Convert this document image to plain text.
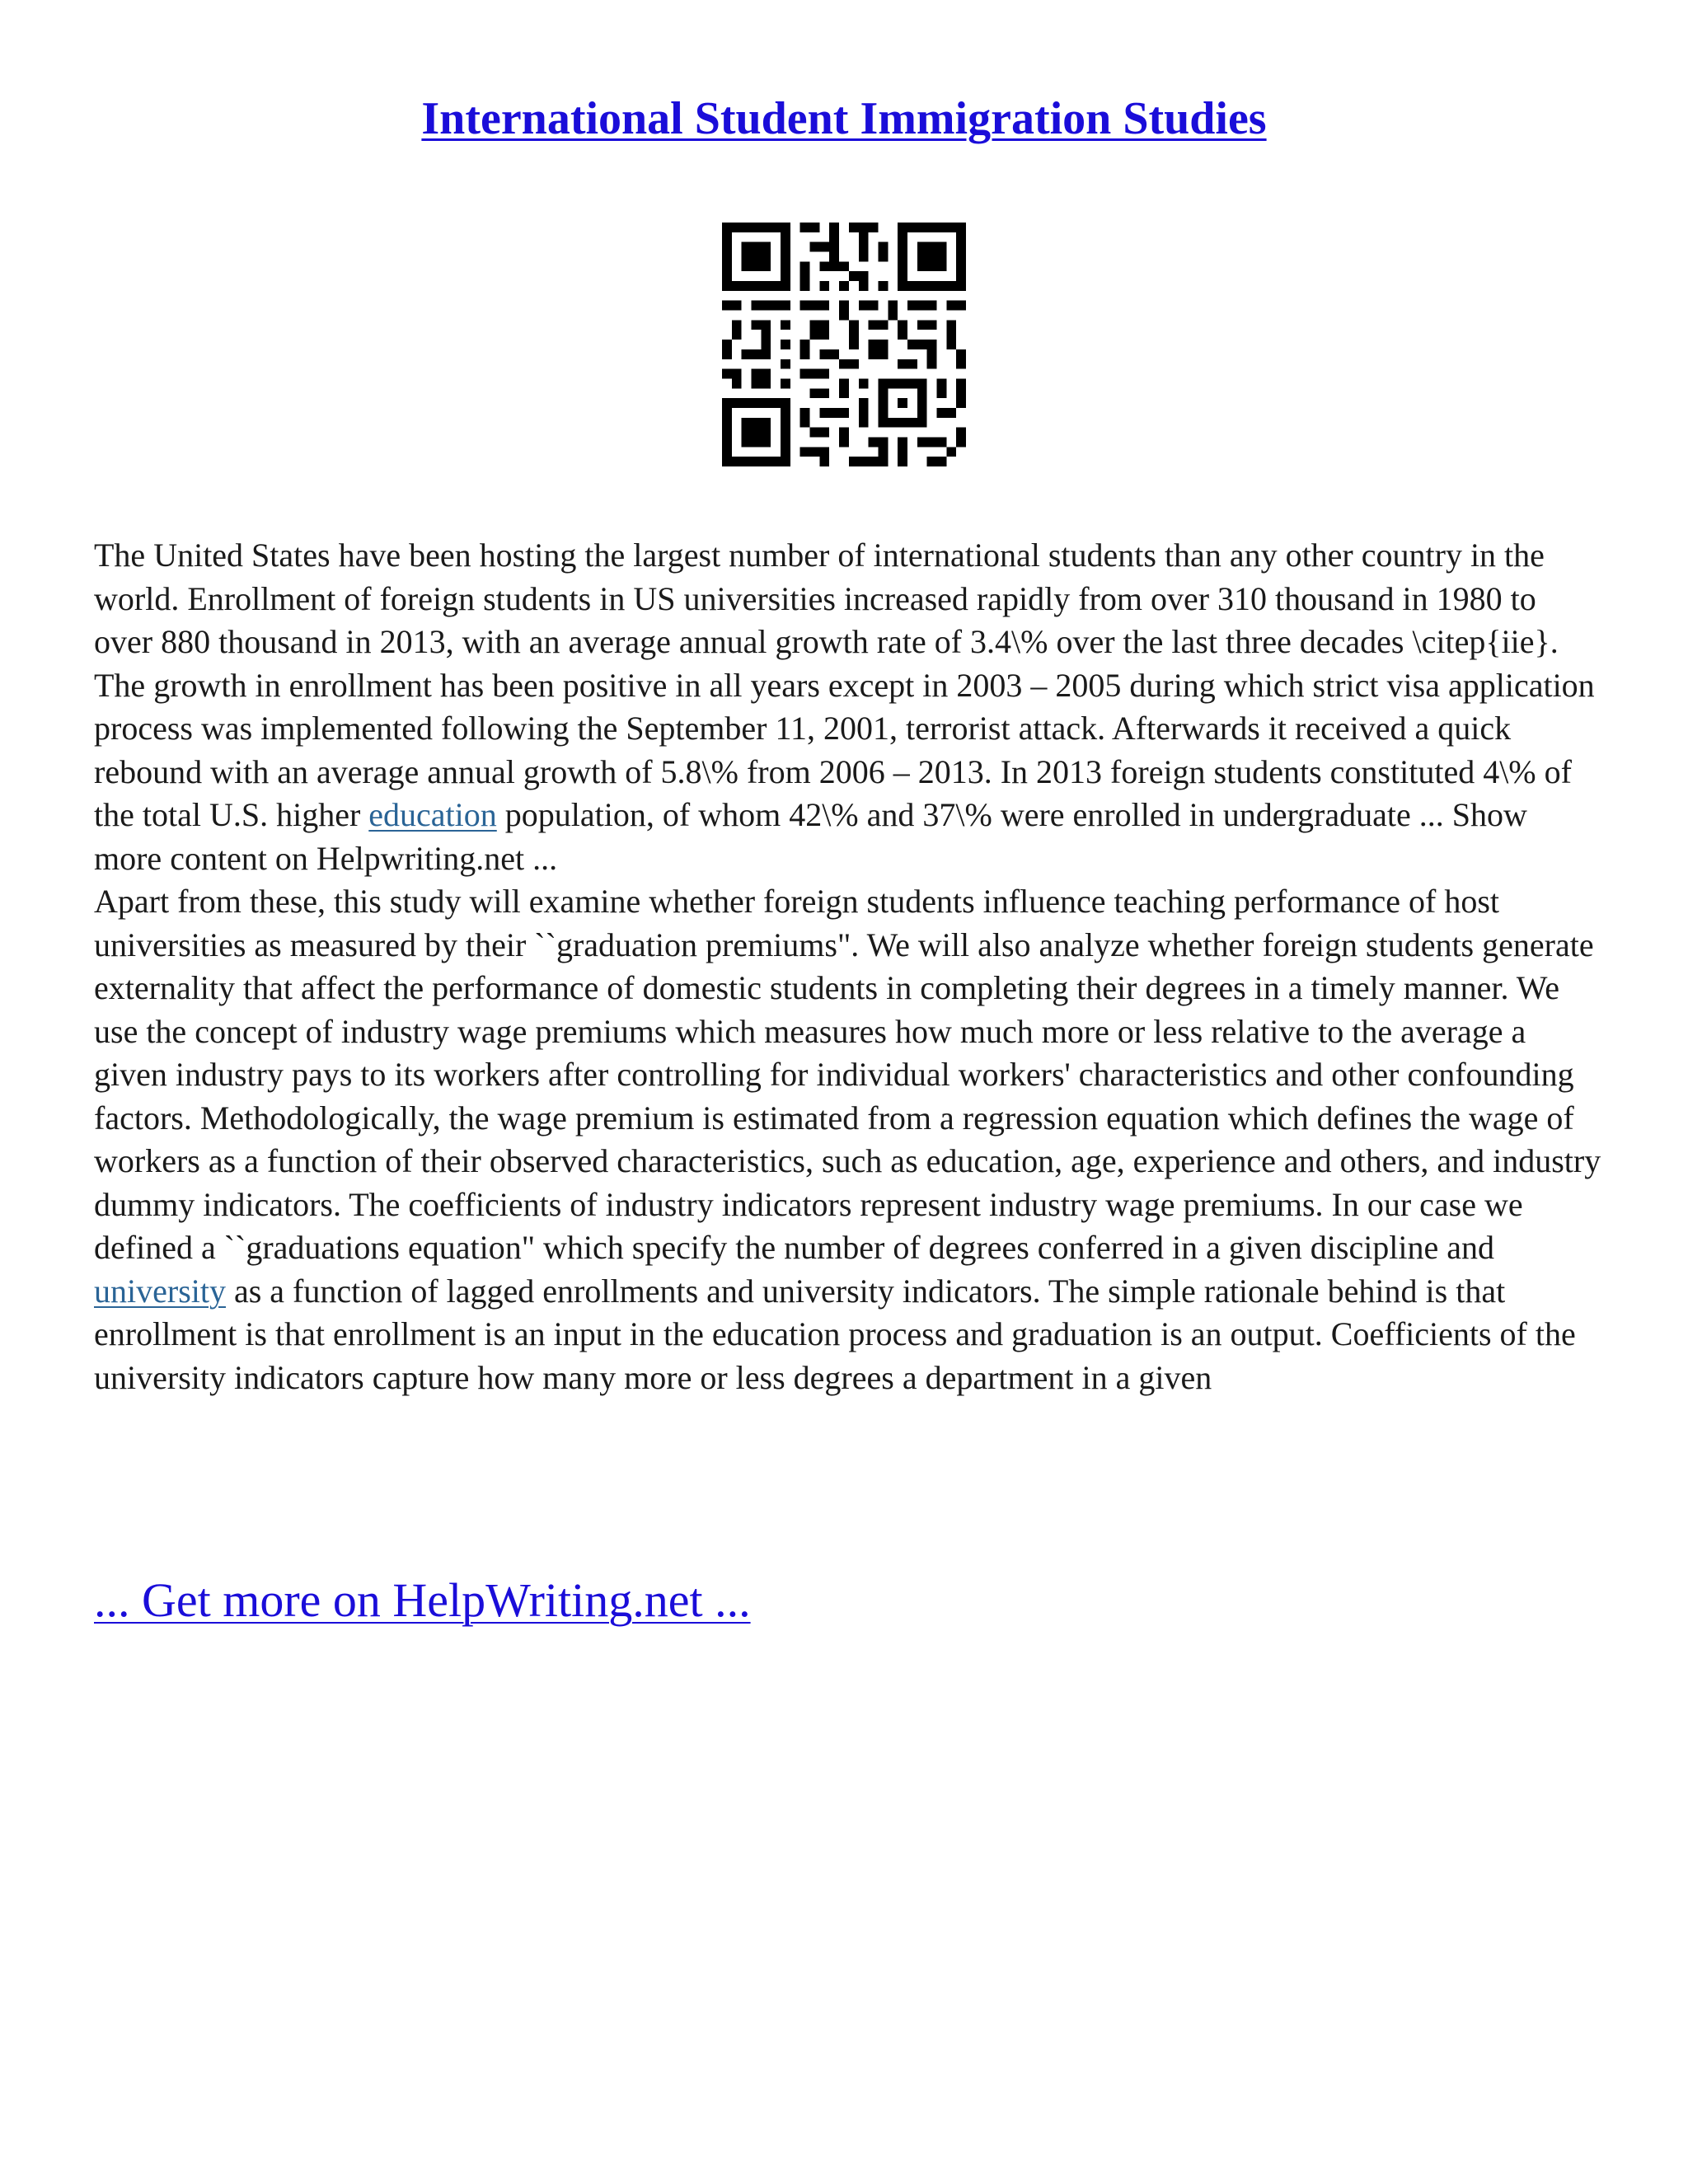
International Student Immigration Studies

The United States have been hosting the largest number of international students than any other country in the world. Enrollment of foreign students in US universities increased rapidly from over 310 thousand in 1980 to over 880 thousand in 2013, with an average annual growth rate of 3.4\% over the last three decades \citep{iie}. The growth in enrollment has been positive in all years except in 2003 – 2005 during which strict visa application process was implemented following the September 11, 2001, terrorist attack. Afterwards it received a quick rebound with an average annual growth of 5.8\% from 2006 – 2013. In 2013 foreign students constituted 4\% of the total U.S. higher education population, of whom 42\% and 37\% were enrolled in undergraduate ... Show more content on Helpwriting.net ...

Apart from these, this study will examine whether foreign students influence teaching performance of host universities as measured by their ``graduation premiums". We will also analyze whether foreign students generate externality that affect the performance of domestic students in completing their degrees in a timely manner. We use the concept of industry wage premiums which measures how much more or less relative to the average a given industry pays to its workers after controlling for individual workers' characteristics and other confounding factors. Methodologically, the wage premium is estimated from a regression equation which defines the wage of workers as a function of their observed characteristics, such as education, age, experience and others, and industry dummy indicators. The coefficients of industry indicators represent industry wage premiums. In our case we defined a ``graduations equation" which specify the number of degrees conferred in a given discipline and university as a function of lagged enrollments and university indicators. The simple rationale behind is that enrollment is that enrollment is an input in the education process and graduation is an output. Coefficients of the university indicators capture how many more or less degrees a department in a given

... Get more on HelpWriting.net ...
